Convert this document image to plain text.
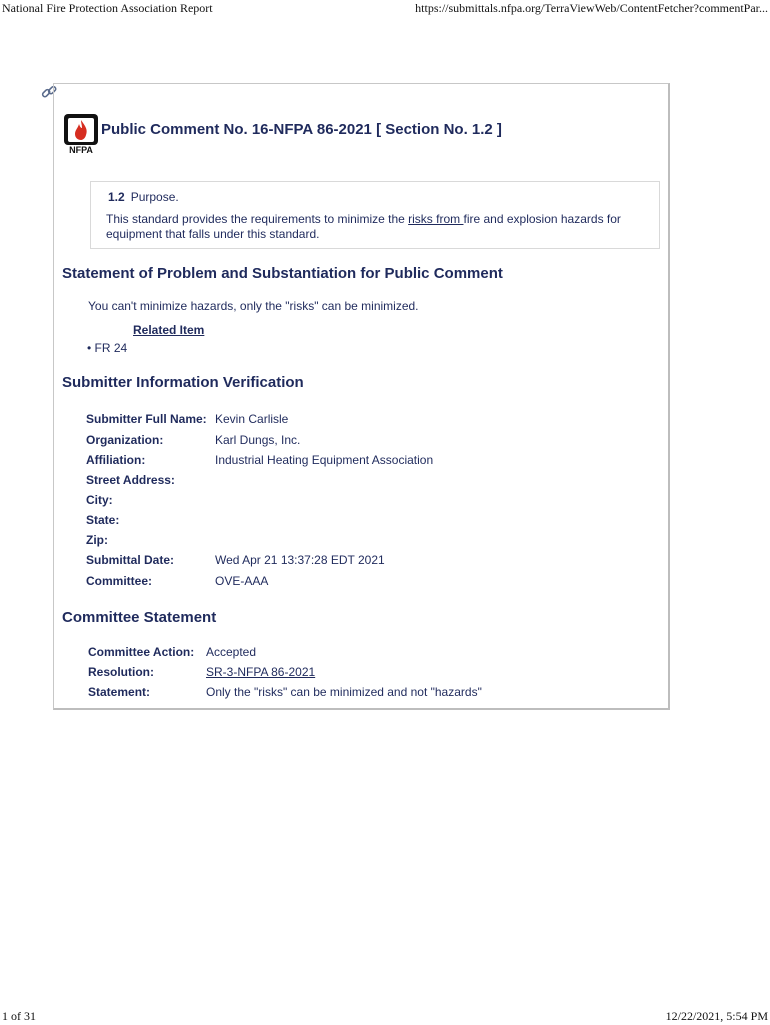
National Fire Protection Association Report	https://submittals.nfpa.org/TerraViewWeb/ContentFetcher?commentPar...
NFPA
Public Comment No. 16-NFPA 86-2021 [ Section No. 1.2 ]
1.2 Purpose.
This standard provides the requirements to minimize the risks from fire and explosion hazards for equipment that falls under this standard.
Statement of Problem and Substantiation for Public Comment
You can't minimize hazards, only the "risks" can be minimized.
Related Item
• FR 24
Submitter Information Verification
Submitter Full Name: Kevin Carlisle
Organization:	Karl Dungs, Inc.
Affiliation:	Industrial Heating Equipment Association
Street Address:
City:
State:
Zip:
Submittal Date:	Wed Apr 21 13:37:28 EDT 2021
Committee:	OVE-AAA
Committee Statement
Committee Action: Accepted
Resolution:	SR-3-NFPA 86-2021
Statement:	Only the "risks" can be minimized and not "hazards"
1 of 31	12/22/2021, 5:54 PM
